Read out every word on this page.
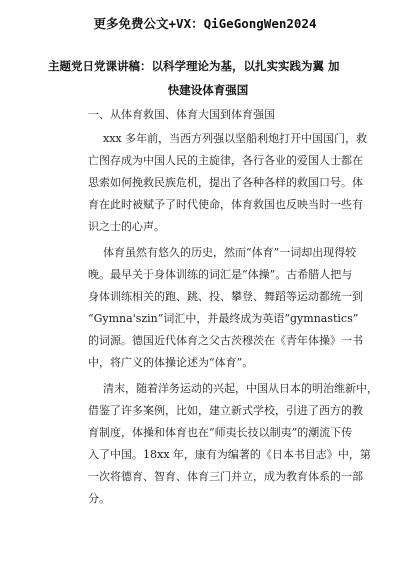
更多免费公文+VX：QiGeGongWen2024
主题党日党课讲稿：以科学理论为基，以扎实实践为翼 加
快建设体育强国
一、从体育救国、体育大国到体育强国
xxx 多年前，当西方列强以坚船利炮打开中国国门，救
亡图存成为中国人民的主旋律，各行各业的爱国人士都在
思索如何挽救民族危机，提出了各种各样的救国口号。体
育在此时被赋予了时代使命，体育救国也反映当时一些有
识之士的心声。
体育虽然有悠久的历史，然而“体育”一词却出现得较
晚。最早关于身体训练的词汇是“体操”。古希腊人把与
身体训练相关的跑、跳、投、攀登、舞蹈等运动都统一到
“Gymna'szin”词汇中，并最终成为英语“gymnastics”
的词源。德国近代体育之父古茨穆茨在《青年体操》一书
中，将广义的体操论述为“体育”。
清末，随着洋务运动的兴起，中国从日本的明治维新中，
借鉴了许多案例，比如，建立新式学校，引进了西方的教
育制度，体操和体育也在“师夷长技以制夷”的潮流下传
入了中国。18xx 年，康有为编著的《日本书目志》中，第
一次将德育、智育、体育三门并立，成为教育体系的一部
分。
